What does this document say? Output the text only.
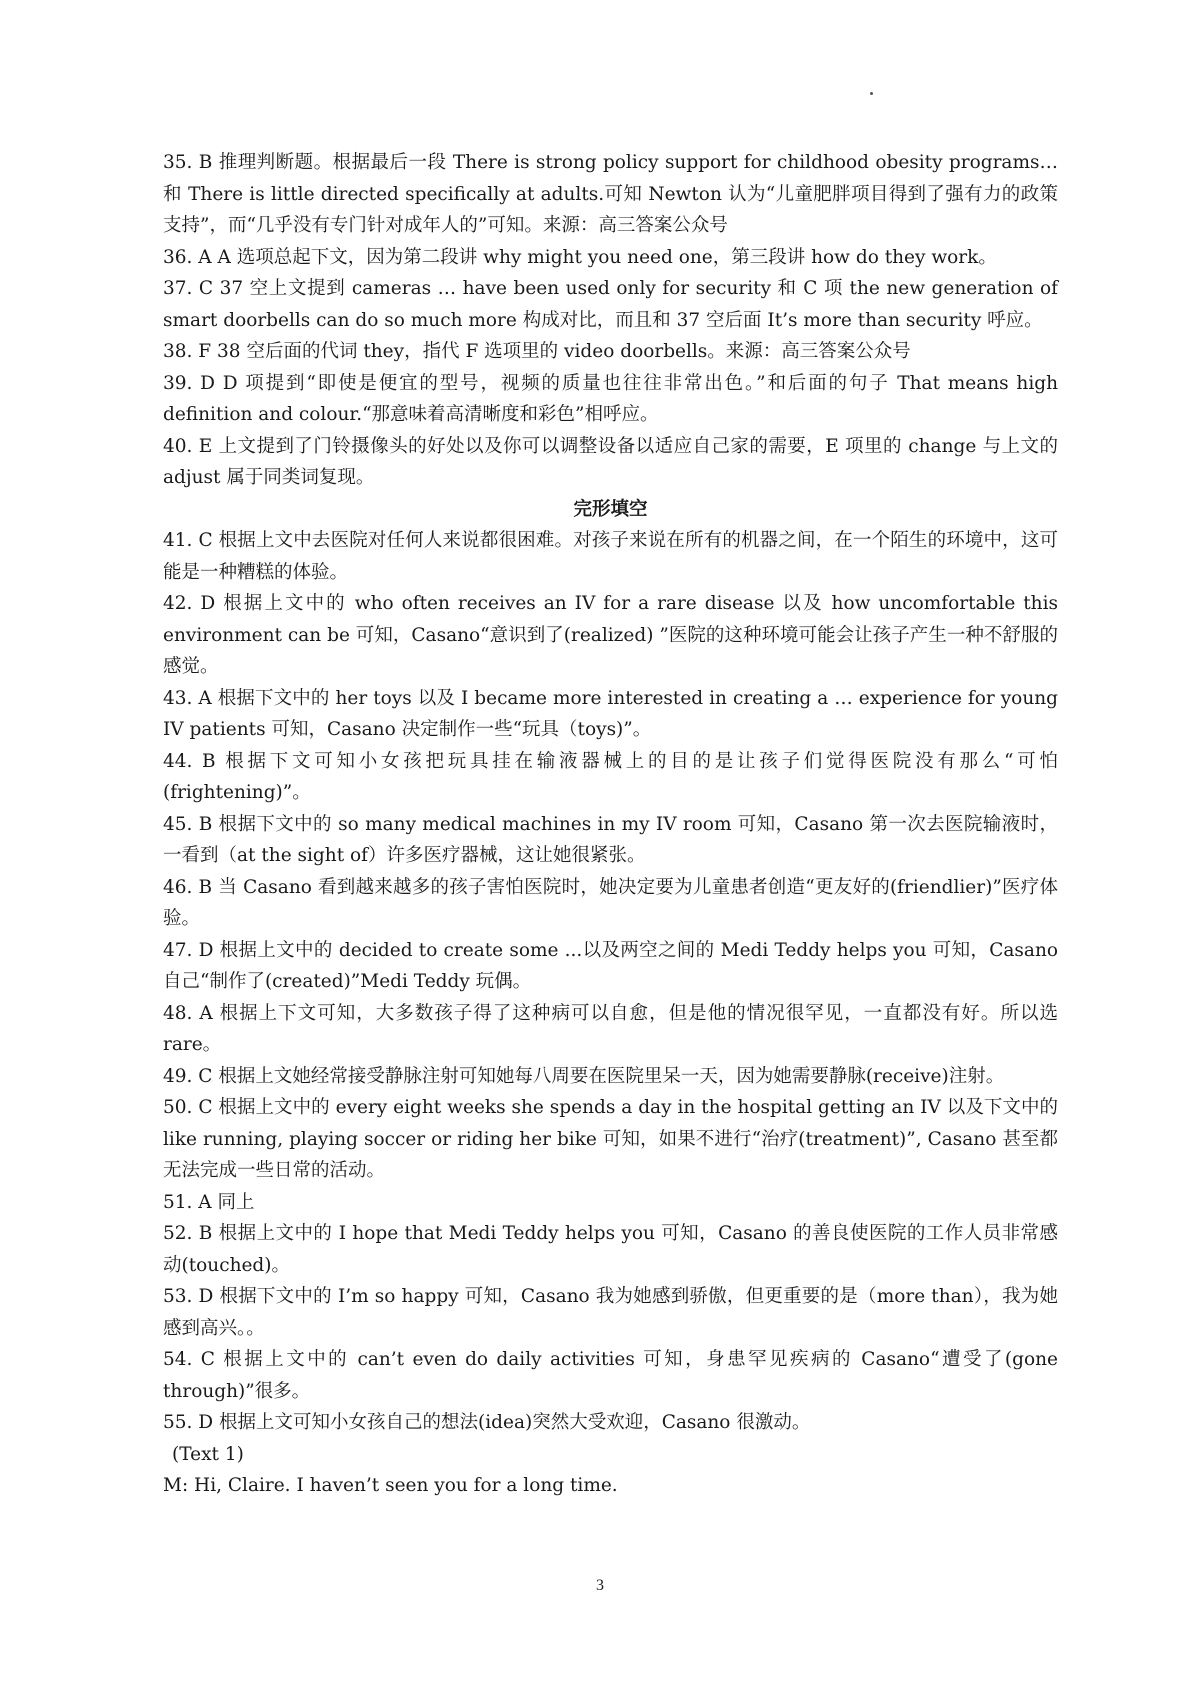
35. B 推理判断题。根据最后一段 There is strong policy support for childhood obesity programs…和 There is little directed specifically at adults.可知 Newton 认为“儿童肥胖项目得到了强有力的政策支持”，而“几乎没有专门针对成年人的”可知。来源：高三答案公众号

36. A A 选项总起下文，因为第二段讲 why might you need one，第三段讲 how do they work。

37. C 37 空上文提到 cameras … have been used only for security 和 C 项 the new generation of smart doorbells can do so much more 构成对比，而且和 37 空后面 It’s more than security 呼应。

38. F 38 空后面的代词 they，指代 F 选项里的 video doorbells。来源：高三答案公众号

39. D D 项提到“即使是便宜的型号，视频的质量也往往非常出色。”和后面的句子 That means high definition and colour.“那意味着高清晰度和彩色”相呼应。

40. E 上文提到了门铃摄像头的好处以及你可以调整设备以适应自己家的需要，E 项里的 change 与上文的 adjust 属于同类词复现。

完形填空

41. C 根据上文中去医院对任何人来说都很困难。对孩子来说在所有的机器之间，在一个陌生的环境中，这可能是一种糟糕的体验。

42. D 根据上文中的 who often receives an IV for a rare disease 以及 how uncomfortable this environment can be 可知，Casano“意识到了(realized) ”医院的这种环境可能会让孩子产生一种不舒服的感觉。

43. A 根据下文中的 her toys 以及 I became more interested in creating a … experience for young IV patients 可知，Casano 决定制作一些“玩具（toys)”。

44. B 根据下文可知小女孩把玩具挂在输液器械上的目的是让孩子们觉得医院没有那么“可怕(frightening)”。

45. B 根据下文中的 so many medical machines in my IV room 可知，Casano 第一次去医院输液时，一看到（at the sight of）许多医疗器械，这让她很紧张。

46. B 当 Casano 看到越来越多的孩子害怕医院时，她决定要为儿童患者创造“更友好的(friendlier)”医疗体验。

47. D 根据上文中的 decided to create some ...以及两空之间的 Medi Teddy helps you 可知，Casano 自己“制作了(created)”Medi Teddy 玩偶。

48. A 根据上下文可知，大多数孩子得了这种病可以自愈，但是他的情况很罕见，一直都没有好。所以选 rare。

49. C 根据上文她经常接受静脉注射可知她每八周要在医院里呆一天，因为她需要静脉(receive)注射。

50. C 根据上文中的 every eight weeks she spends a day in the hospital getting an IV 以及下文中的 like running, playing soccer or riding her bike 可知，如果不进行“治疗(treatment)”, Casano 甚至都无法完成一些日常的活动。

51. A 同上

52. B 根据上文中的 I hope that Medi Teddy helps you 可知，Casano 的善良使医院的工作人员非常感动(touched)。

53. D 根据下文中的 I’m so happy 可知，Casano 我为她感到骄傲，但更重要的是（more than），我为她感到高兴。。

54. C 根据上文中的 can’t even do daily activities 可知，身患罕见疾病的 Casano“遭受了(gone through)”很多。

55. D 根据上文可知小女孩自己的想法(idea)突然大受欢迎，Casano 很激动。

(Text 1)

M: Hi, Claire. I haven’t seen you for a long time.

3
